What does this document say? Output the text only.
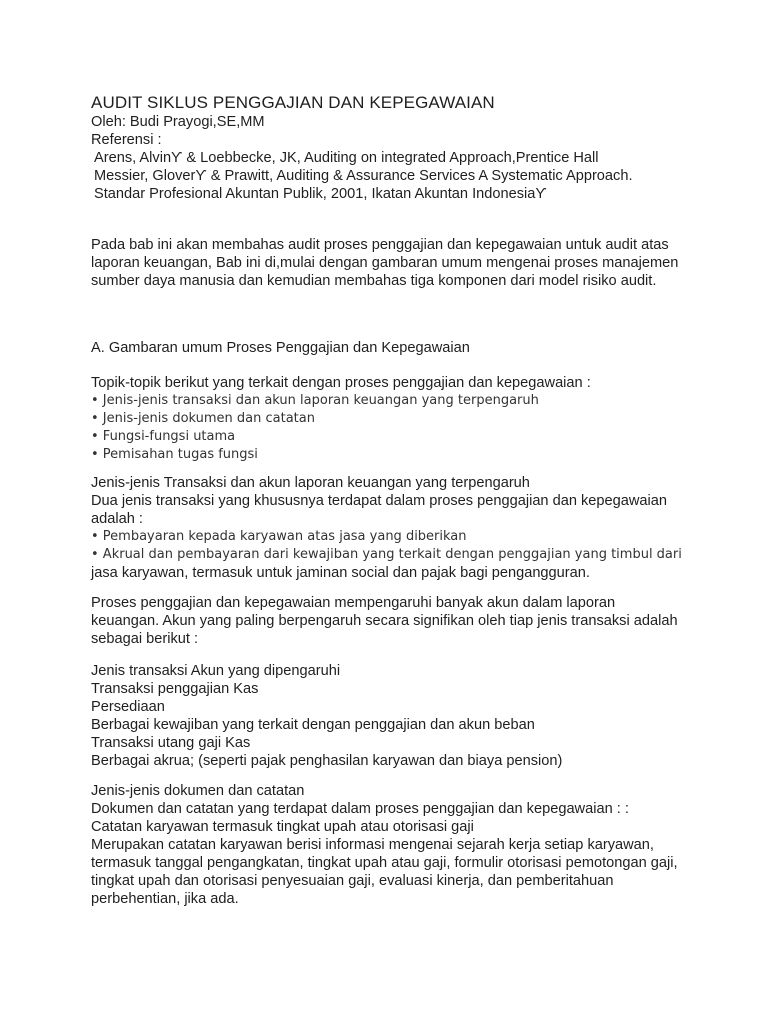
AUDIT SIKLUS PENGGAJIAN DAN KEPEGAWAIAN
Oleh: Budi Prayogi,SE,MM
Referensi :
Arens, Alvinϒ & Loebbecke, JK, Auditing on integrated Approach,Prentice Hall
Messier, Gloverϒ & Prawitt, Auditing & Assurance Services A Systematic Approach.
Standar Profesional Akuntan Publik, 2001, Ikatan Akuntan Indonesiaϒ
Pada bab ini akan membahas audit proses penggajian dan kepegawaian untuk audit atas
laporan keuangan, Bab ini di,mulai dengan gambaran umum mengenai proses manajemen
sumber daya manusia dan kemudian membahas tiga komponen dari model risiko audit.
A. Gambaran umum Proses Penggajian dan Kepegawaian
Topik-topik berikut yang terkait dengan proses penggajian dan kepegawaian :
• Jenis-jenis transaksi dan akun laporan keuangan yang terpengaruh
• Jenis-jenis dokumen dan catatan
• Fungsi-fungsi utama
• Pemisahan tugas fungsi
Jenis-jenis Transaksi dan akun laporan keuangan yang terpengaruh
Dua jenis transaksi yang khususnya terdapat dalam proses penggajian dan kepegawaian
adalah :
• Pembayaran kepada karyawan atas jasa yang diberikan
• Akrual dan pembayaran dari kewajiban yang terkait dengan penggajian yang timbul dari
jasa karyawan, termasuk untuk jaminan social dan pajak bagi pengangguran.
Proses penggajian dan kepegawaian mempengaruhi banyak akun dalam laporan
keuangan. Akun yang paling berpengaruh secara signifikan oleh tiap jenis transaksi adalah
sebagai berikut :
Jenis transaksi Akun yang dipengaruhi
Transaksi penggajian Kas
Persediaan
Berbagai kewajiban yang terkait dengan penggajian dan akun beban
Transaksi utang gaji Kas
Berbagai akrua; (seperti pajak penghasilan karyawan dan biaya pension)
Jenis-jenis dokumen dan catatan
Dokumen dan catatan yang terdapat dalam proses penggajian dan kepegawaian : :
Catatan karyawan termasuk tingkat upah atau otorisasi gaji
Merupakan catatan karyawan berisi informasi mengenai sejarah kerja setiap karyawan,
termasuk tanggal pengangkatan, tingkat upah atau gaji, formulir otorisasi pemotongan gaji,
tingkat upah dan otorisasi penyesuaian gaji, evaluasi kinerja, dan pemberitahuan
perbehentian, jika ada.
